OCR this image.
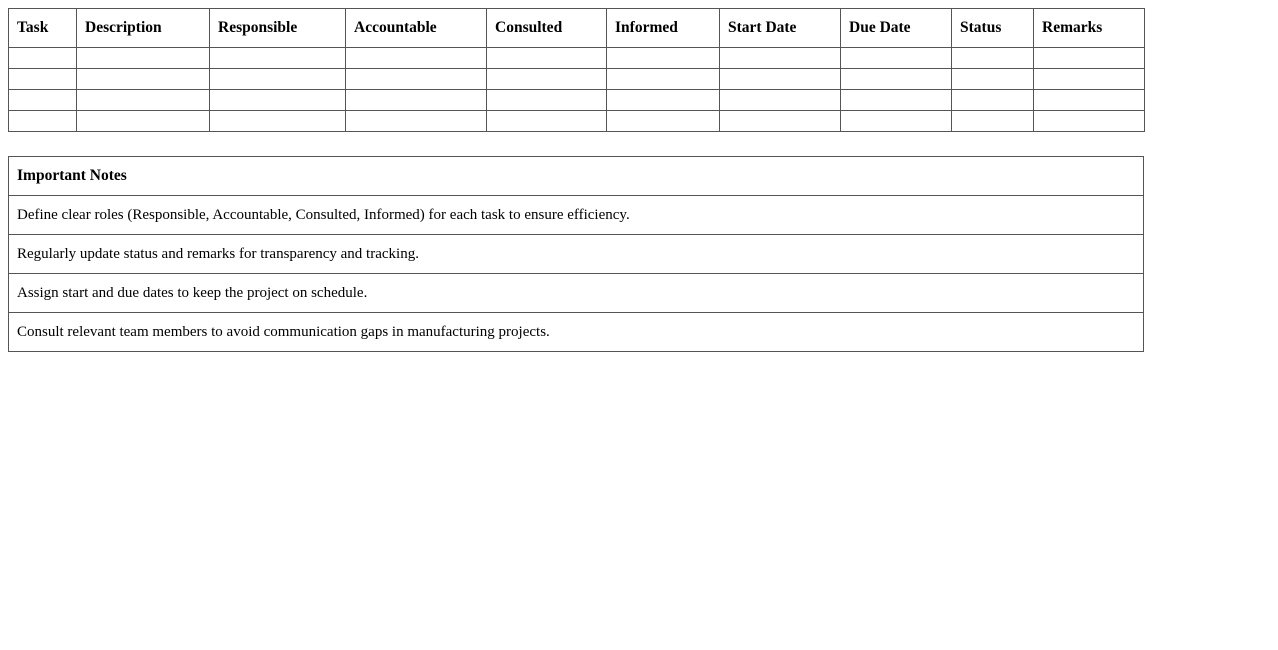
Task	Description	Responsible	Accountable	Consulted	Informed	Start Date	Due Date	Status	Remarks

Important Notes
Define clear roles (Responsible, Accountable, Consulted, Informed) for each task to ensure efficiency.
Regularly update status and remarks for transparency and tracking.
Assign start and due dates to keep the project on schedule.
Consult relevant team members to avoid communication gaps in manufacturing projects.
